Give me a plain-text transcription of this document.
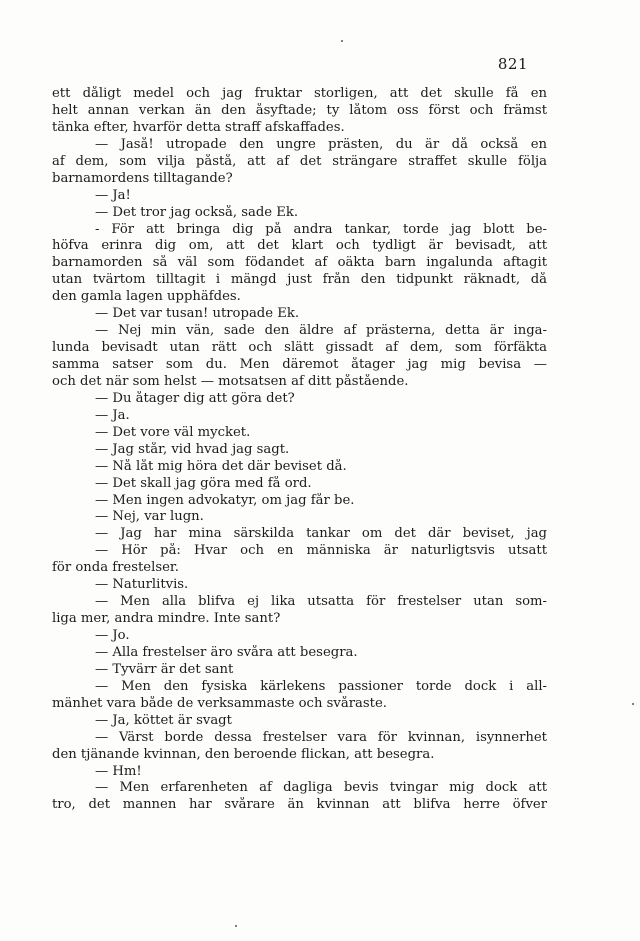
821
ett dåligt medel och jag fruktar storligen, att det skulle få en
helt annan verkan än den åsyftade; ty låtom oss först och främst
tänka efter, hvarför detta straff afskaffades.
— Jaså! utropade den ungre prästen, du är då också en
af dem, som vilja påstå, att af det strängare straffet skulle följa
barnamordens tilltagande?
— Ja!
— Det tror jag också, sade Ek.
- För att bringa dig på andra tankar, torde jag blott be-
höfva erinra dig om, att det klart och tydligt är bevisadt, att
barnamorden så väl som födandet af oäkta barn ingalunda aftagit
utan tvärtom tilltagit i mängd just från den tidpunkt räknadt, då
den gamla lagen upphäfdes.
— Det var tusan! utropade Ek.
— Nej min vän, sade den äldre af prästerna, detta är inga-
lunda bevisadt utan rätt och slätt gissadt af dem, som förfäkta
samma satser som du. Men däremot åtager jag mig bevisa —
och det när som helst — motsatsen af ditt påstående.
— Du åtager dig att göra det?
— Ja.
— Det vore väl mycket.
— Jag står, vid hvad jag sagt.
— Nå låt mig höra det där beviset då.
— Det skall jag göra med få ord.
— Men ingen advokatyr, om jag får be.
— Nej, var lugn.
— Jag har mina särskilda tankar om det där beviset, jag
— Hör på: Hvar och en människa är naturligtsvis utsatt
för onda frestelser.
— Naturlitvis.
— Men alla blifva ej lika utsatta för frestelser utan som-
liga mer, andra mindre. Inte sant?
— Jo.
— Alla frestelser äro svåra att besegra.
— Tyvärr är det sant
— Men den fysiska kärlekens passioner torde dock i all-
mänhet vara både de verksammaste och svåraste.
— Ja, köttet är svagt
— Värst borde dessa frestelser vara för kvinnan, isynnerhet
den tjänande kvinnan, den beroende flickan, att besegra.
— Hm!
— Men erfarenheten af dagliga bevis tvingar mig dock att
tro, det mannen har svårare än kvinnan att blifva herre öfver
